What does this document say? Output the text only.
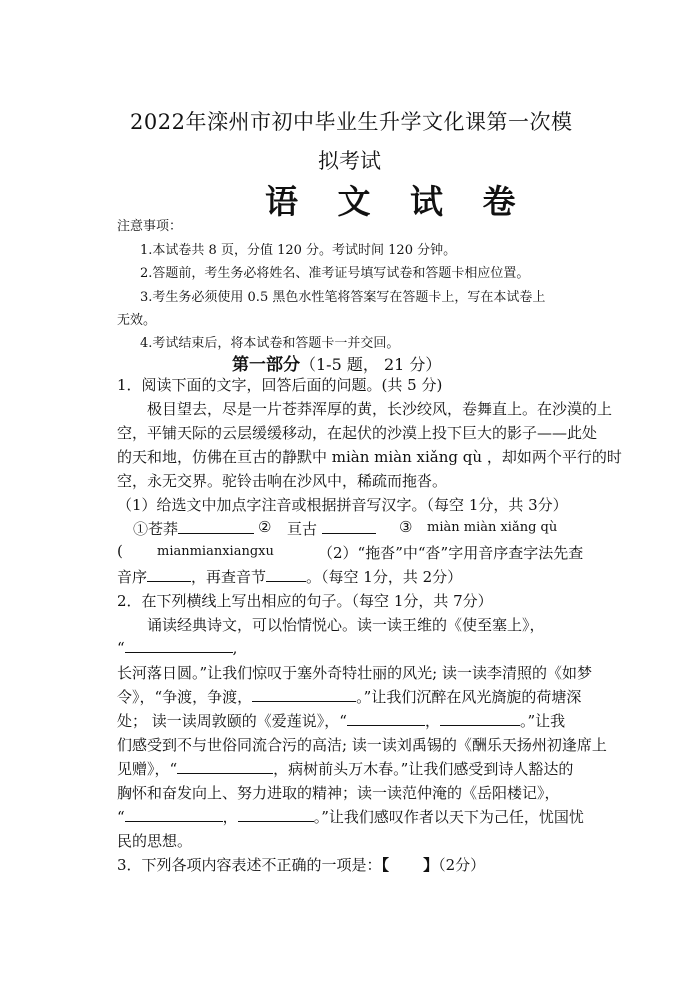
2022年滦州市初中毕业生升学文化课第一次模
拟考试
语 文 试 卷
注意事项：
1.本试卷共 8 页，分值 120 分。考试时间 120 分钟。
2.答题前，考生务必将姓名、准考证号填写试卷和答题卡相应位置。
3.考生务必须使用 0.5 黑色水性笔将答案写在答题卡上，写在本试卷上
无效。
4.考试结束后，将本试卷和答题卡一并交回。
第一部分（1-5 题， 21 分）
1．阅读下面的文字，回答后面的问题。(共 5 分)
极目望去，尽是一片苍莽浑厚的黄，长沙绞风，卷舞直上。在沙漠的上
空，平铺天际的云层缓缓移动，在起伏的沙漠上投下巨大的影子——此处
的天和地，仿佛在亘古的静默中 miàn miàn xiǎng qù ，却如两个平行的时
空，永无交界。驼铃击响在沙风中，稀疏而拖沓。
（1）给选文中加点字注音或根据拼音写汉字。（每空 1分，共 3分）
①苍莽	② 亘古	③ miàn miàn xiǎng qù
(	mianmianxiangxu	（2）“拖沓”中“沓”字用音序查字法先查
音序	，再查音节	。（每空 1分，共 2分）
2．在下列横线上写出相应的句子。（每空 1分，共 7分）
诵读经典诗文，可以怡情悦心。读一读王维的《使至塞上》，
“	,
长河落日圆。”让我们惊叹于塞外奇特壮丽的风光; 读一读李清照的《如梦
令》，“争渡，争渡，	。”让我们沉醉在风光旖旎的荷塘深
处； 读一读周敦颐的《爱莲说》，“	，	。”让我
们感受到不与世俗同流合污的高洁; 读一读刘禹锡的《酬乐天扬州初逢席上
见赠》，“	，病树前头万木春。”让我们感受到诗人豁达的
胸怀和奋发向上、努力进取的精神；读一读范仲淹的《岳阳楼记》，
“	，	。”让我们感叹作者以天下为己任，忧国忧
民的思想。
3．下列各项内容表述不正确的一项是：【 】（2分）
